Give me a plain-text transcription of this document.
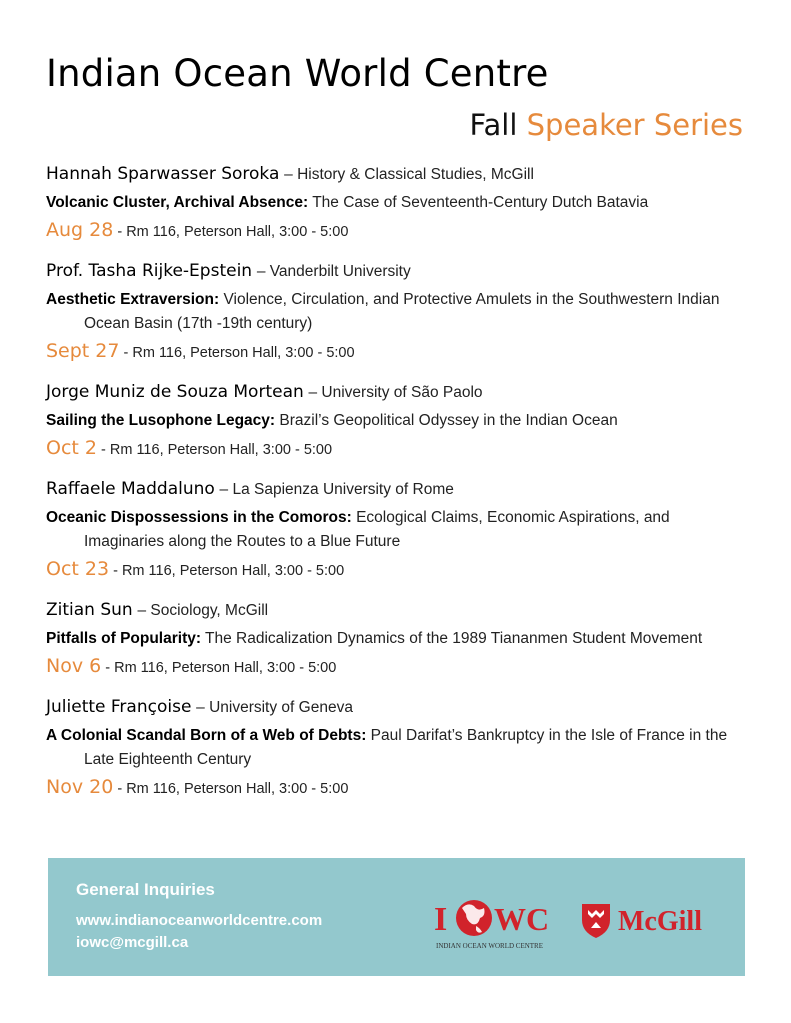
Indian Ocean World Centre
Fall Speaker Series
Hannah Sparwasser Soroka – History & Classical Studies, McGill
Volcanic Cluster, Archival Absence: The Case of Seventeenth-Century Dutch Batavia
Aug 28 - Rm 116, Peterson Hall, 3:00 - 5:00
Prof. Tasha Rijke-Epstein – Vanderbilt University
Aesthetic Extraversion: Violence, Circulation, and Protective Amulets in the Southwestern Indian Ocean Basin (17th -19th century)
Sept 27 - Rm 116, Peterson Hall, 3:00 - 5:00
Jorge Muniz de Souza Mortean – University of São Paolo
Sailing the Lusophone Legacy: Brazil’s Geopolitical Odyssey in the Indian Ocean
Oct 2 - Rm 116, Peterson Hall, 3:00 - 5:00
Raffaele Maddaluno – La Sapienza University of Rome
Oceanic Dispossessions in the Comoros: Ecological Claims, Economic Aspirations, and Imaginaries along the Routes to a Blue Future
Oct 23 - Rm 116, Peterson Hall, 3:00 - 5:00
Zitian Sun – Sociology, McGill
Pitfalls of Popularity: The Radicalization Dynamics of the 1989 Tiananmen Student Movement
Nov 6 - Rm 116, Peterson Hall, 3:00 - 5:00
Juliette Françoise – University of Geneva
A Colonial Scandal Born of a Web of Debts: Paul Darifat’s Bankruptcy in the Isle of France in the Late Eighteenth Century
Nov 20 - Rm 116, Peterson Hall, 3:00 - 5:00
General Inquiries
www.indianoceanworldcentre.com
iowc@mcgill.ca
I WC
INDIAN OCEAN WORLD CENTRE
McGill
